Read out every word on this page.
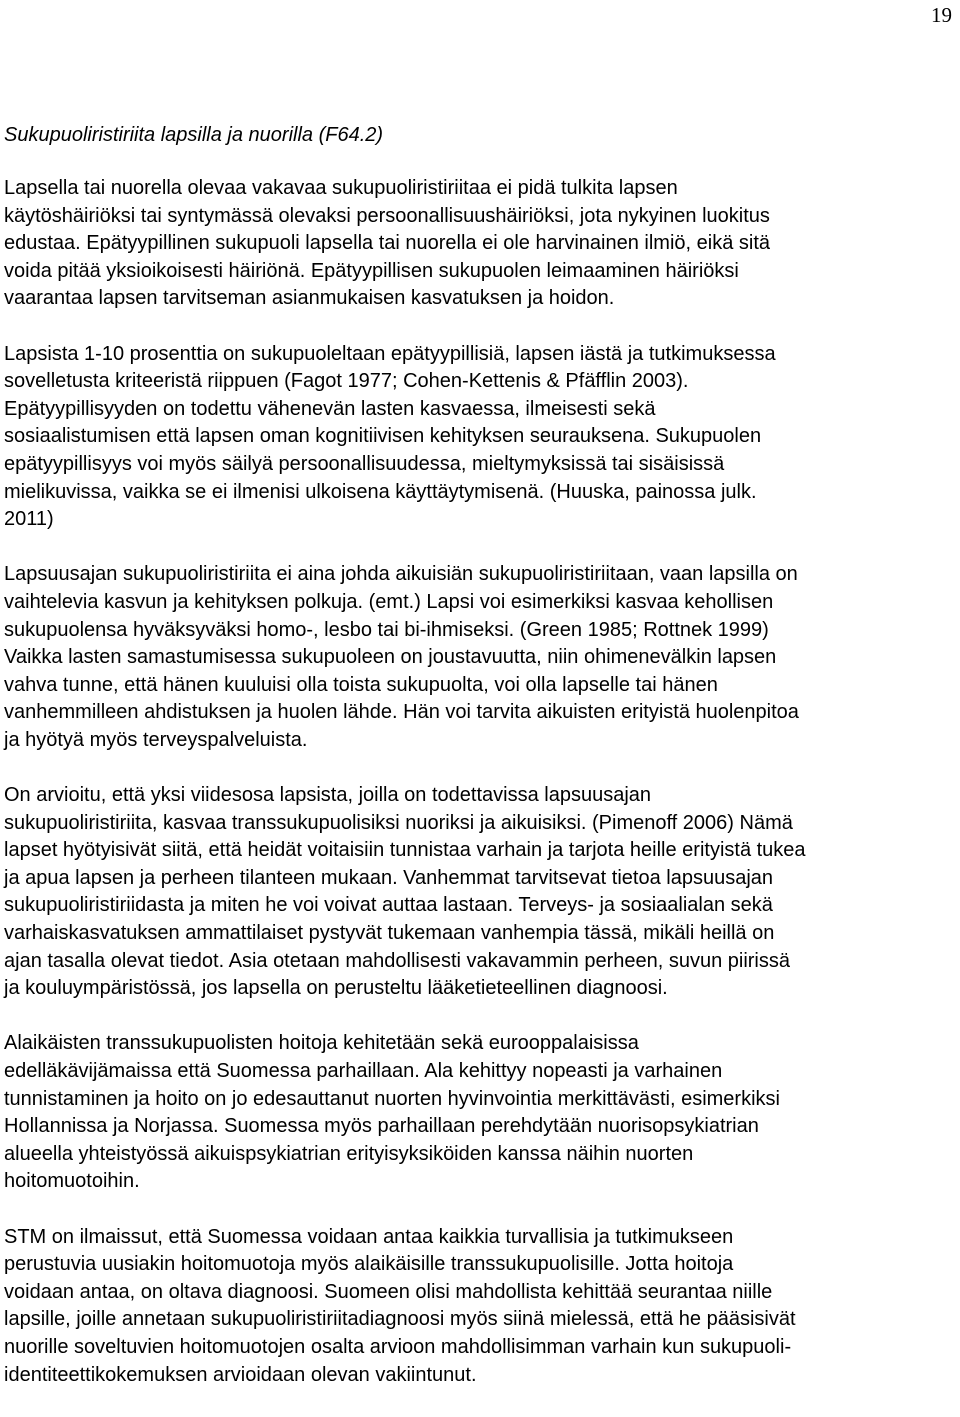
19
Sukupuoliristiriita lapsilla ja nuorilla (F64.2)
Lapsella tai nuorella olevaa vakavaa sukupuoliristiriitaa ei pidä tulkita lapsen
käytöshäiriöksi tai syntymässä olevaksi persoonallisuushäiriöksi, jota nykyinen luokitus
edustaa. Epätyypillinen sukupuoli lapsella tai nuorella ei ole harvinainen ilmiö, eikä sitä
voida pitää yksioikoisesti häiriönä. Epätyypillisen sukupuolen leimaaminen häiriöksi
vaarantaa lapsen tarvitseman asianmukaisen kasvatuksen ja hoidon.
Lapsista 1-10 prosenttia on sukupuoleltaan epätyypillisiä, lapsen iästä ja tutkimuksessa
sovelletusta kriteeristä riippuen (Fagot 1977; Cohen-Kettenis & Pfäfflin 2003).
Epätyypillisyyden on todettu vähenevän lasten kasvaessa, ilmeisesti sekä
sosiaalistumisen että lapsen oman kognitiivisen kehityksen seurauksena. Sukupuolen
epätyypillisyys voi myös säilyä persoonallisuudessa, mieltymyksissä tai sisäisissä
mielikuvissa, vaikka se ei ilmenisi ulkoisena käyttäytymisenä. (Huuska, painossa julk.
2011)
Lapsuusajan sukupuoliristiriita ei aina johda aikuisiän sukupuoliristiriitaan, vaan lapsilla on
vaihtelevia kasvun ja kehityksen polkuja. (emt.) Lapsi voi esimerkiksi kasvaa kehollisen
sukupuolensa hyväksyväksi homo-, lesbo tai bi-ihmiseksi. (Green 1985; Rottnek 1999)
Vaikka lasten samastumisessa sukupuoleen on joustavuutta, niin ohimenevälkin lapsen
vahva tunne, että hänen kuuluisi olla toista sukupuolta, voi olla lapselle tai hänen
vanhemmilleen ahdistuksen ja huolen lähde. Hän voi tarvita aikuisten erityistä huolenpitoa
ja hyötyä myös terveyspalveluista.
On arvioitu, että yksi viidesosa lapsista, joilla on todettavissa lapsuusajan
sukupuoliristiriita, kasvaa transsukupuolisiksi nuoriksi ja aikuisiksi. (Pimenoff 2006) Nämä
lapset hyötyisivät siitä, että heidät voitaisiin tunnistaa varhain ja tarjota heille erityistä tukea
ja apua lapsen ja perheen tilanteen mukaan. Vanhemmat tarvitsevat tietoa lapsuusajan
sukupuoliristiriidasta ja miten he voi voivat auttaa lastaan. Terveys- ja sosiaalialan sekä
varhaiskasvatuksen ammattilaiset pystyvät tukemaan vanhempia tässä, mikäli heillä on
ajan tasalla olevat tiedot. Asia otetaan mahdollisesti vakavammin perheen, suvun piirissä
ja kouluympäristössä, jos lapsella on perusteltu lääketieteellinen diagnoosi.
Alaikäisten transsukupuolisten hoitoja kehitetään sekä eurooppalaisissa
edelläkävijämaissa että Suomessa parhaillaan. Ala kehittyy nopeasti ja varhainen
tunnistaminen ja hoito on jo edesauttanut nuorten hyvinvointia merkittävästi, esimerkiksi
Hollannissa ja Norjassa. Suomessa myös parhaillaan perehdytään nuorisopsykiatrian
alueella yhteistyössä aikuispsykiatrian erityisyksiköiden kanssa näihin nuorten
hoitomuotoihin.
STM on ilmaissut, että Suomessa voidaan antaa kaikkia turvallisia ja tutkimukseen
perustuvia uusiakin hoitomuotoja myös alaikäisille transsukupuolisille. Jotta hoitoja
voidaan antaa, on oltava diagnoosi. Suomeen olisi mahdollista kehittää seurantaa niille
lapsille, joille annetaan sukupuoliristiriitadiagnoosi myös siinä mielessä, että he pääsisivät
nuorille soveltuvien hoitomuotojen osalta arvioon mahdollisimman varhain kun sukupuoli-
identiteettikokemuksen arvioidaan olevan vakiintunut.
